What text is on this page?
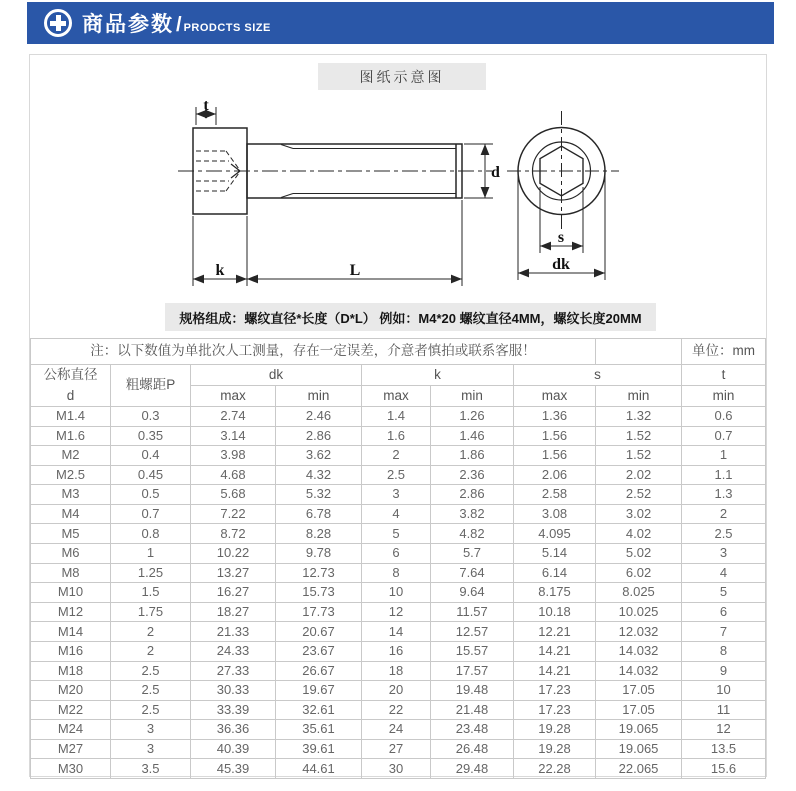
商品参数 / PRODCTS SIZE
图纸示意图
t
d
k	L
s
dk
规格组成：螺纹直径*长度（D*L） 例如：M4*20 螺纹直径4MM，螺纹长度20MM
注：以下数值为单批次人工测量，存在一定误差，介意者慎拍或联系客服！								单位：mm

公称直径
d	粗螺距P	dk		k		s		t
		max	min	max	min	max	min	min
M1.4	0.3	2.74	2.46	1.4	1.26	1.36	1.32	0.6
M1.6	0.35	3.14	2.86	1.6	1.46	1.56	1.52	0.7
M2	0.4	3.98	3.62	2	1.86	1.56	1.52	1
M2.5	0.45	4.68	4.32	2.5	2.36	2.06	2.02	1.1
M3	0.5	5.68	5.32	3	2.86	2.58	2.52	1.3
M4	0.7	7.22	6.78	4	3.82	3.08	3.02	2
M5	0.8	8.72	8.28	5	4.82	4.095	4.02	2.5
M6	1	10.22	9.78	6	5.7	5.14	5.02	3
M8	1.25	13.27	12.73	8	7.64	6.14	6.02	4
M10	1.5	16.27	15.73	10	9.64	8.175	8.025	5
M12	1.75	18.27	17.73	12	11.57	10.18	10.025	6
M14	2	21.33	20.67	14	12.57	12.21	12.032	7
M16	2	24.33	23.67	16	15.57	14.21	14.032	8
M18	2.5	27.33	26.67	18	17.57	14.21	14.032	9
M20	2.5	30.33	19.67	20	19.48	17.23	17.05	10
M22	2.5	33.39	32.61	22	21.48	17.23	17.05	11
M24	3	36.36	35.61	24	23.48	19.28	19.065	12
M27	3	40.39	39.61	27	26.48	19.28	19.065	13.5
M30	3.5	45.39	44.61	30	29.48	22.28	22.065	15.6
